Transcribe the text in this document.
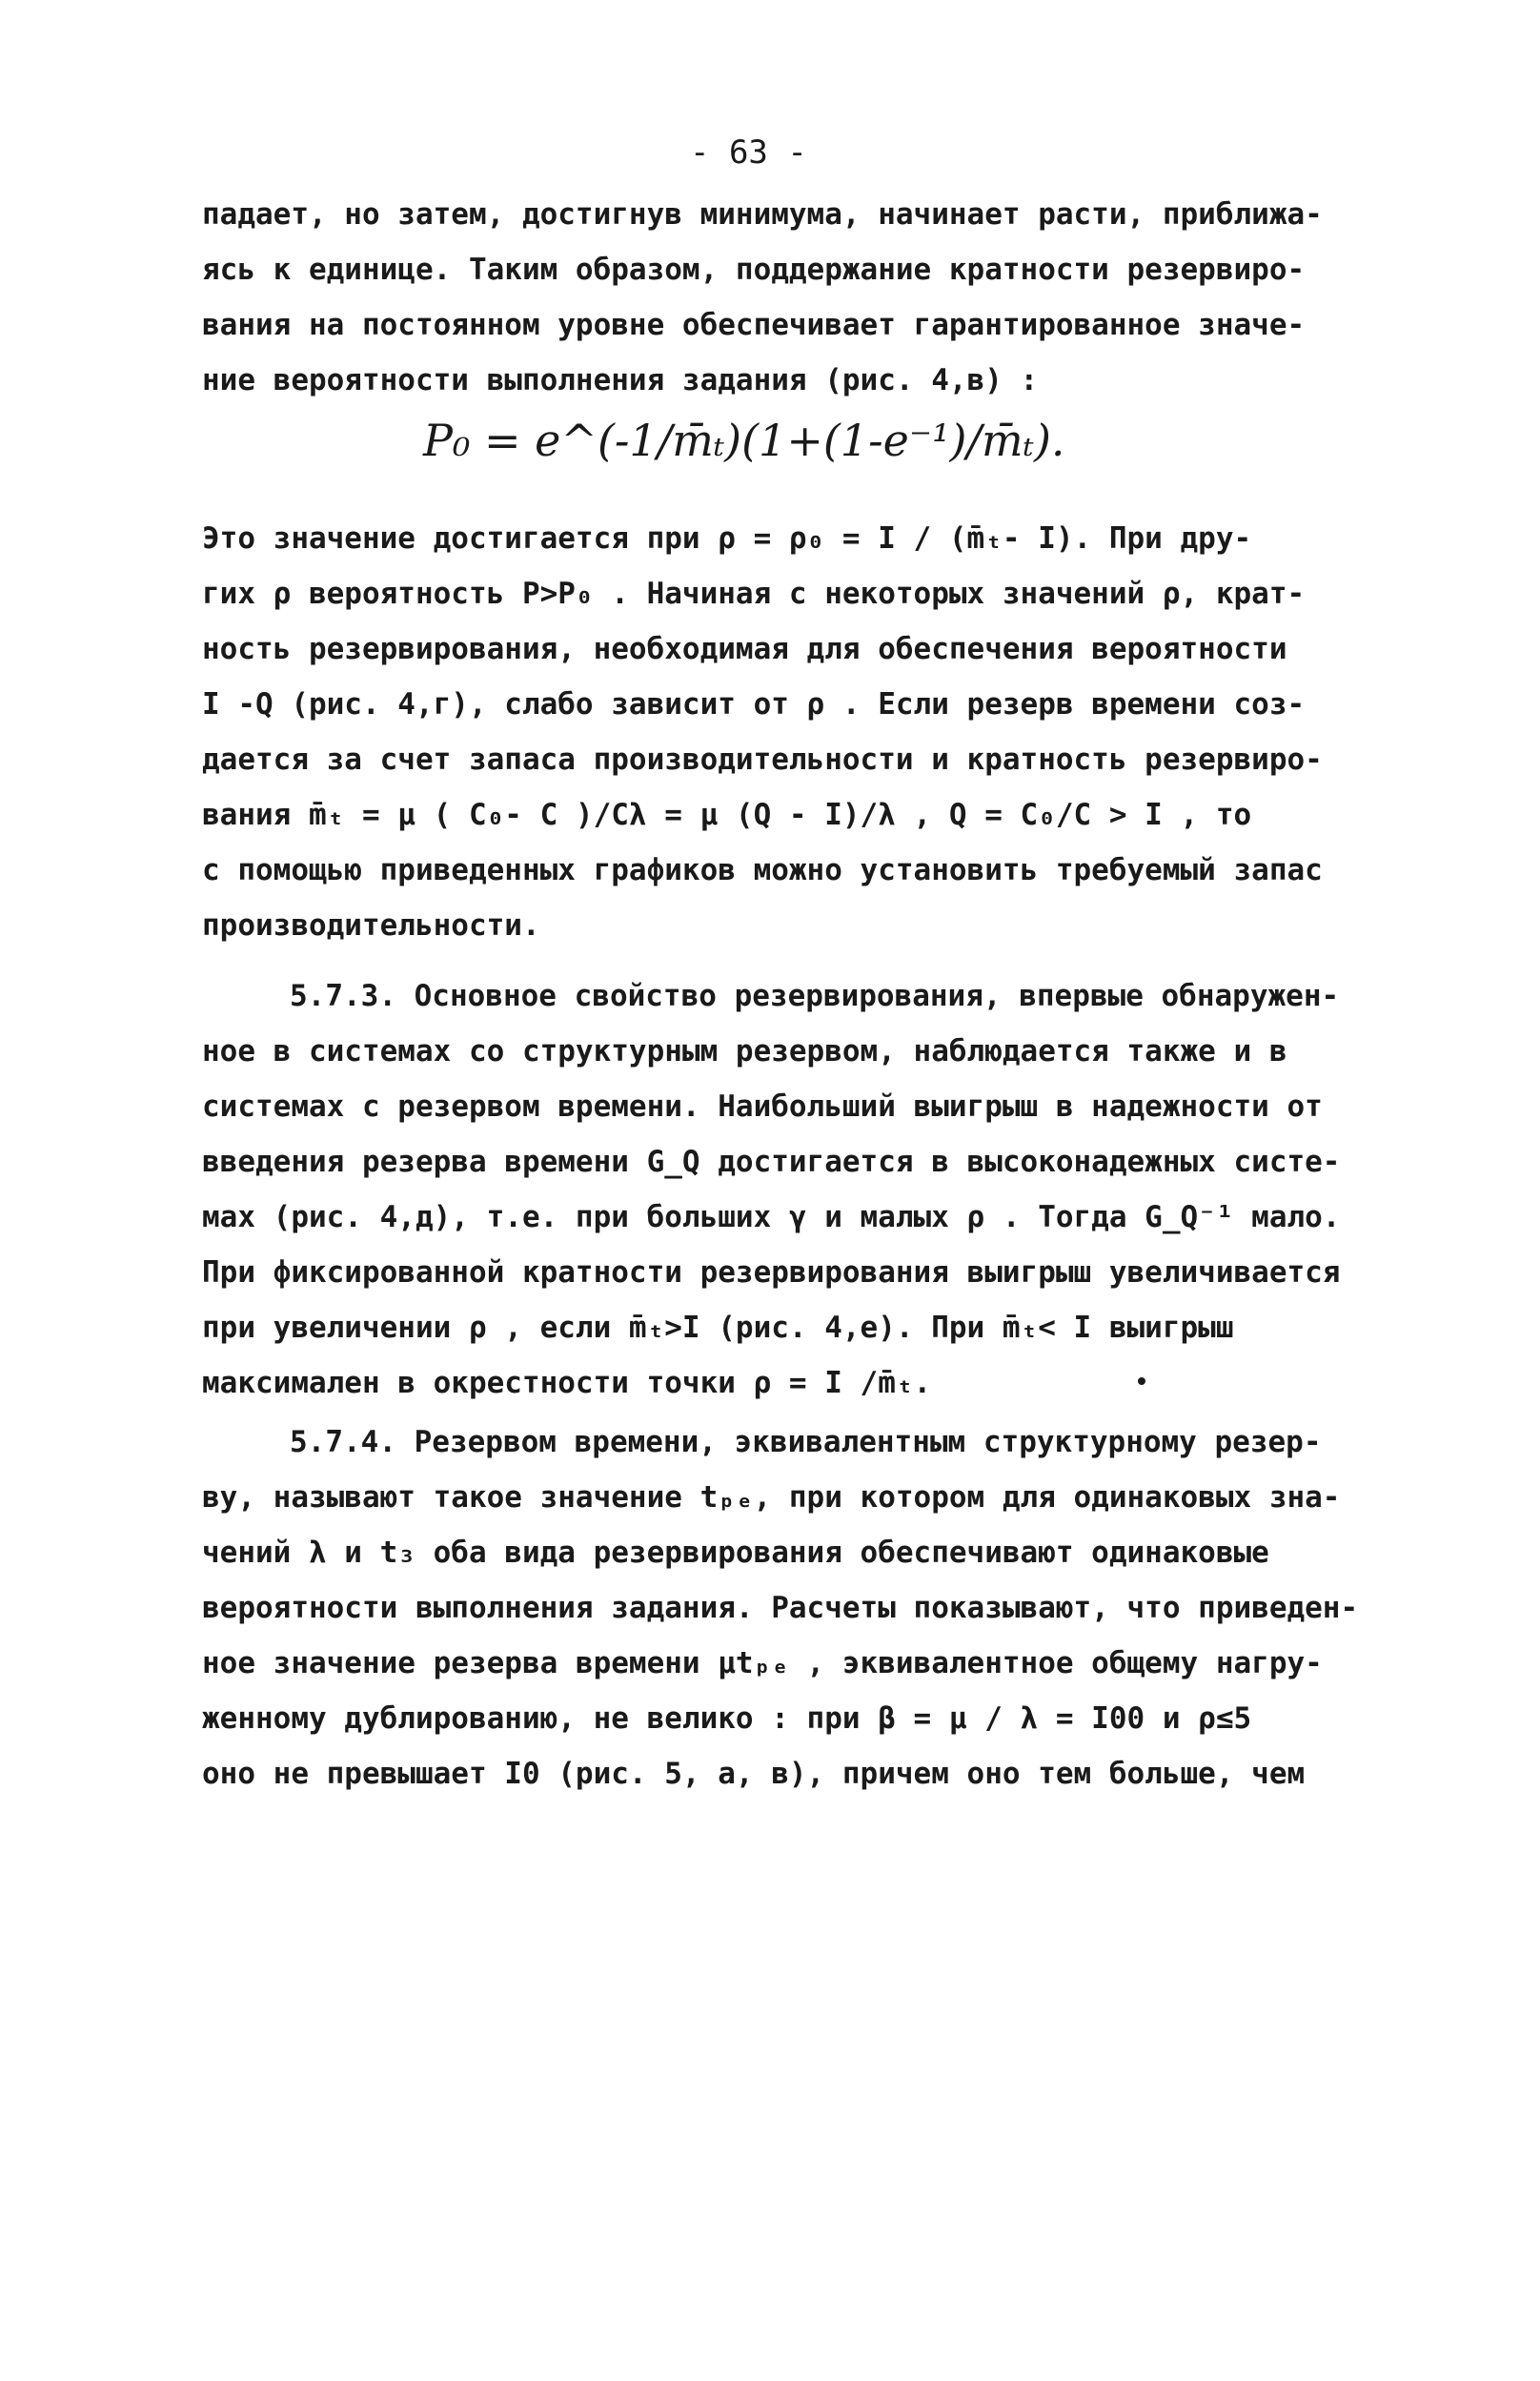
- 63 -
падает, но затем, достигнув минимума, начинает расти, приближа-
ясь к единице. Таким образом, поддержание кратности резервиро-
вания на постоянном уровне обеспечивает гарантированное значе-
ние вероятности выполнения задания (рис. 4,в) :
P₀ = e^(-1/m̄ₜ)(1+(1-e⁻¹)/m̄ₜ).
Это значение достигается при ρ = ρ₀ = I / (m̄ₜ- I). При дру-
гих ρ вероятность P>P₀ . Начиная с некоторых значений ρ, крат-
ность резервирования, необходимая для обеспечения вероятности
I -Q (рис. 4,г), слабо зависит от ρ . Если резерв времени соз-
дается за счет запаса производительности и кратность резервиро-
вания m̄ₜ = μ ( C₀- C )/Cλ = μ (Q - I)/λ , Q = C₀/C > I , то
с помощью приведенных графиков можно установить требуемый запас
производительности.
5.7.3. Основное свойство резервирования, впервые обнаружен-
ное в системах со структурным резервом, наблюдается также и в
системах с резервом времени. Наибольший выигрыш в надежности от
введения резерва времени G_Q достигается в высоконадежных систе-
мах (рис. 4,д), т.е. при больших γ и малых ρ . Тогда G_Q⁻¹ мало.
При фиксированной кратности резервирования выигрыш увеличивается
при увеличении ρ , если m̄ₜ>I (рис. 4,е). При m̄ₜ< I выигрыш
максимален в окрестности точки ρ = I /m̄ₜ.
5.7.4. Резервом времени, эквивалентным структурному резер-
ву, называют такое значение tₚₑ, при котором для одинаковых зна-
чений λ и t₃ оба вида резервирования обеспечивают одинаковые
вероятности выполнения задания. Расчеты показывают, что приведен-
ное значение резерва времени μtₚₑ , эквивалентное общему нагру-
женному дублированию, не велико : при β = μ / λ = I00 и ρ≤5
оно не превышает I0 (рис. 5, а, в), причем оно тем больше, чем
